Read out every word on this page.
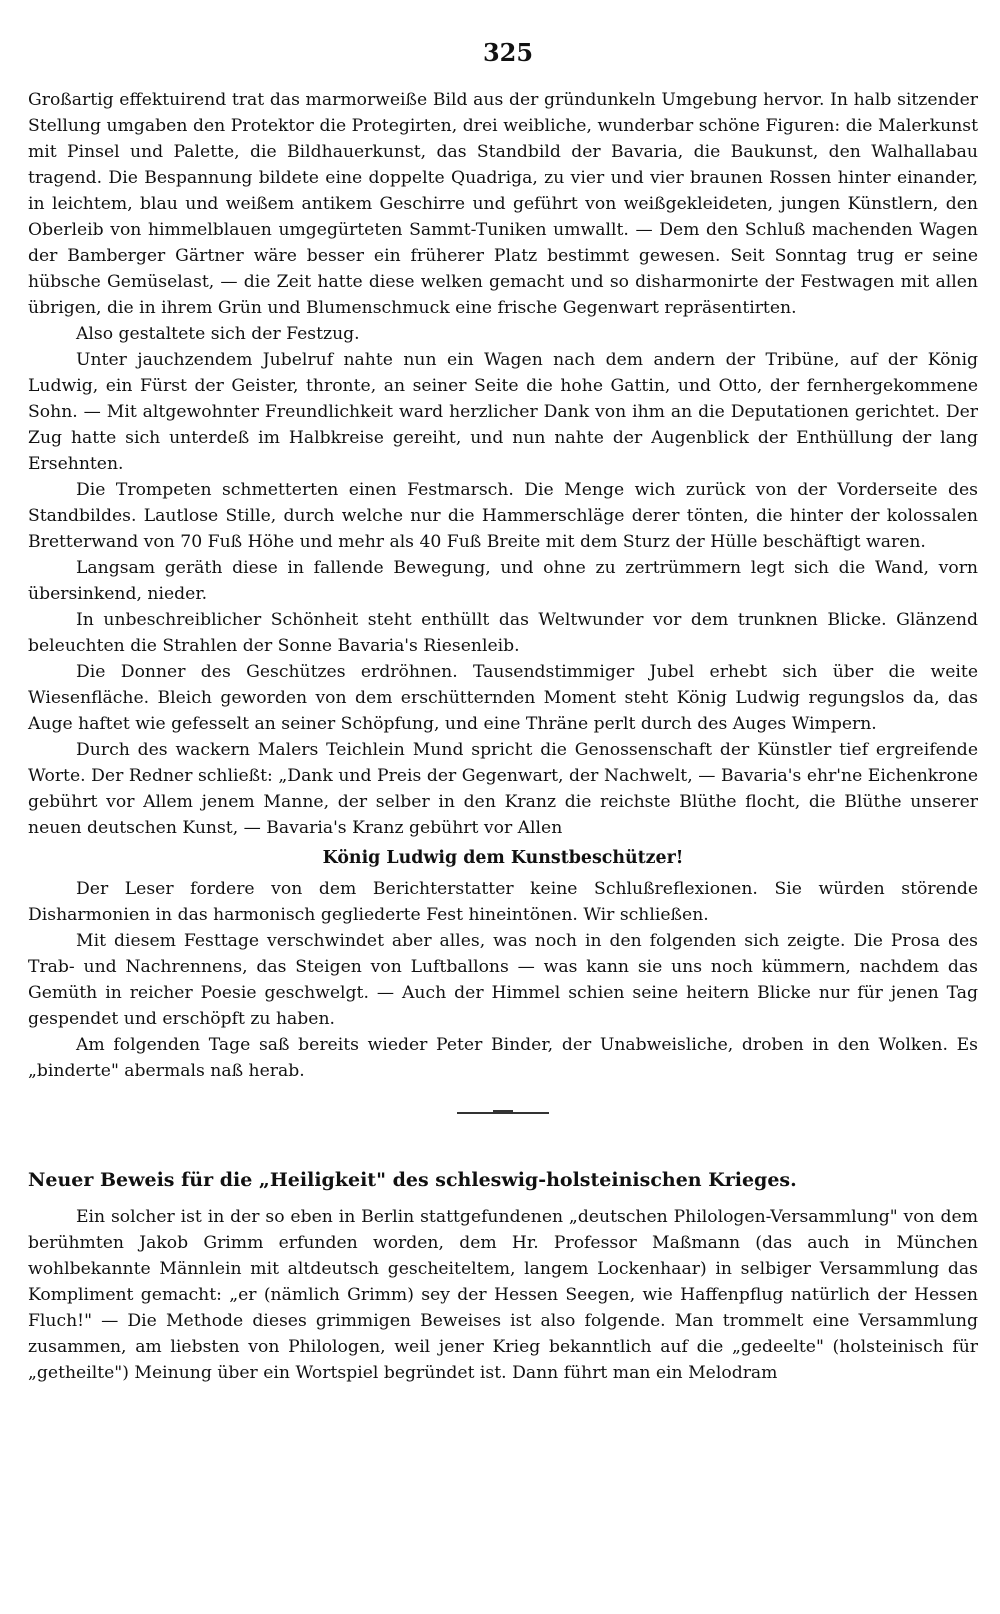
325

Großartig effektuirend trat das marmorweiße Bild aus der gründunkeln Umgebung hervor. In halb sitzender Stellung umgaben den Protektor die Protegirten, drei weibliche, wunderbar schöne Figuren: die Malerkunst mit Pinsel und Palette, die Bildhauerkunst, das Standbild der Bavaria, die Baukunst, den Walhallabau tragend. Die Bespannung bildete eine doppelte Quadriga, zu vier und vier braunen Rossen hinter einander, in leichtem, blau und weißem antikem Geschirre und geführt von weißgekleideten, jungen Künstlern, den Oberleib von himmelblauen umgegürteten Sammt-Tuniken umwallt. — Dem den Schluß machenden Wagen der Bamberger Gärtner wäre besser ein früherer Platz bestimmt gewesen. Seit Sonntag trug er seine hübsche Gemüselast, — die Zeit hatte diese welken gemacht und so disharmonirte der Festwagen mit allen übrigen, die in ihrem Grün und Blumenschmuck eine frische Gegenwart repräsentirten.

Also gestaltete sich der Festzug.

Unter jauchzendem Jubelruf nahte nun ein Wagen nach dem andern der Tribüne, auf der König Ludwig, ein Fürst der Geister, thronte, an seiner Seite die hohe Gattin, und Otto, der fernhergekommene Sohn. — Mit altgewohnter Freundlichkeit ward herzlicher Dank von ihm an die Deputationen gerichtet. Der Zug hatte sich unterdeß im Halbkreise gereiht, und nun nahte der Augenblick der Enthüllung der lang Ersehnten.

Die Trompeten schmetterten einen Festmarsch. Die Menge wich zurück von der Vorderseite des Standbildes. Lautlose Stille, durch welche nur die Hammerschläge derer tönten, die hinter der kolossalen Bretterwand von 70 Fuß Höhe und mehr als 40 Fuß Breite mit dem Sturz der Hülle beschäftigt waren.

Langsam geräth diese in fallende Bewegung, und ohne zu zertrümmern legt sich die Wand, vorn übersinkend, nieder.

In unbeschreiblicher Schönheit steht enthüllt das Weltwunder vor dem trunknen Blicke. Glänzend beleuchten die Strahlen der Sonne Bavaria's Riesenleib.

Die Donner des Geschützes erdröhnen. Tausendstimmiger Jubel erhebt sich über die weite Wiesenfläche. Bleich geworden von dem erschütternden Moment steht König Ludwig regungslos da, das Auge haftet wie gefesselt an seiner Schöpfung, und eine Thräne perlt durch des Auges Wimpern.

Durch des wackern Malers Teichlein Mund spricht die Genossenschaft der Künstler tief ergreifende Worte. Der Redner schließt: „Dank und Preis der Gegenwart, der Nachwelt, — Bavaria's ehr'ne Eichenkrone gebührt vor Allem jenem Manne, der selber in den Kranz die reichste Blüthe flocht, die Blüthe unserer neuen deutschen Kunst, — Bavaria's Kranz gebührt vor Allen

König Ludwig dem Kunstbeschützer!

Der Leser fordere von dem Berichterstatter keine Schlußreflexionen. Sie würden störende Disharmonien in das harmonisch gegliederte Fest hineintönen. Wir schließen.

Mit diesem Festtage verschwindet aber alles, was noch in den folgenden sich zeigte. Die Prosa des Trab- und Nachrennens, das Steigen von Luftballons — was kann sie uns noch kümmern, nachdem das Gemüth in reicher Poesie geschwelgt. — Auch der Himmel schien seine heitern Blicke nur für jenen Tag gespendet und erschöpft zu haben.

Am folgenden Tage saß bereits wieder Peter Binder, der Unabweisliche, droben in den Wolken. Es „binderte" abermals naß herab.

Neuer Beweis für die „Heiligkeit" des schleswig-holsteinischen Krieges.

Ein solcher ist in der so eben in Berlin stattgefundenen „deutschen Philologen-Versammlung" von dem berühmten Jakob Grimm erfunden worden, dem Hr. Professor Maßmann (das auch in München wohlbekannte Männlein mit altdeutsch gescheiteltem, langem Lockenhaar) in selbiger Versammlung das Kompliment gemacht: „er (nämlich Grimm) sey der Hessen Seegen, wie Haffenpflug natürlich der Hessen Fluch!" — Die Methode dieses grimmigen Beweises ist also folgende. Man trommelt eine Versammlung zusammen, am liebsten von Philologen, weil jener Krieg bekanntlich auf die „gedeelte" (holsteinisch für „getheilte") Meinung über ein Wortspiel begründet ist. Dann führt man ein Melodram
